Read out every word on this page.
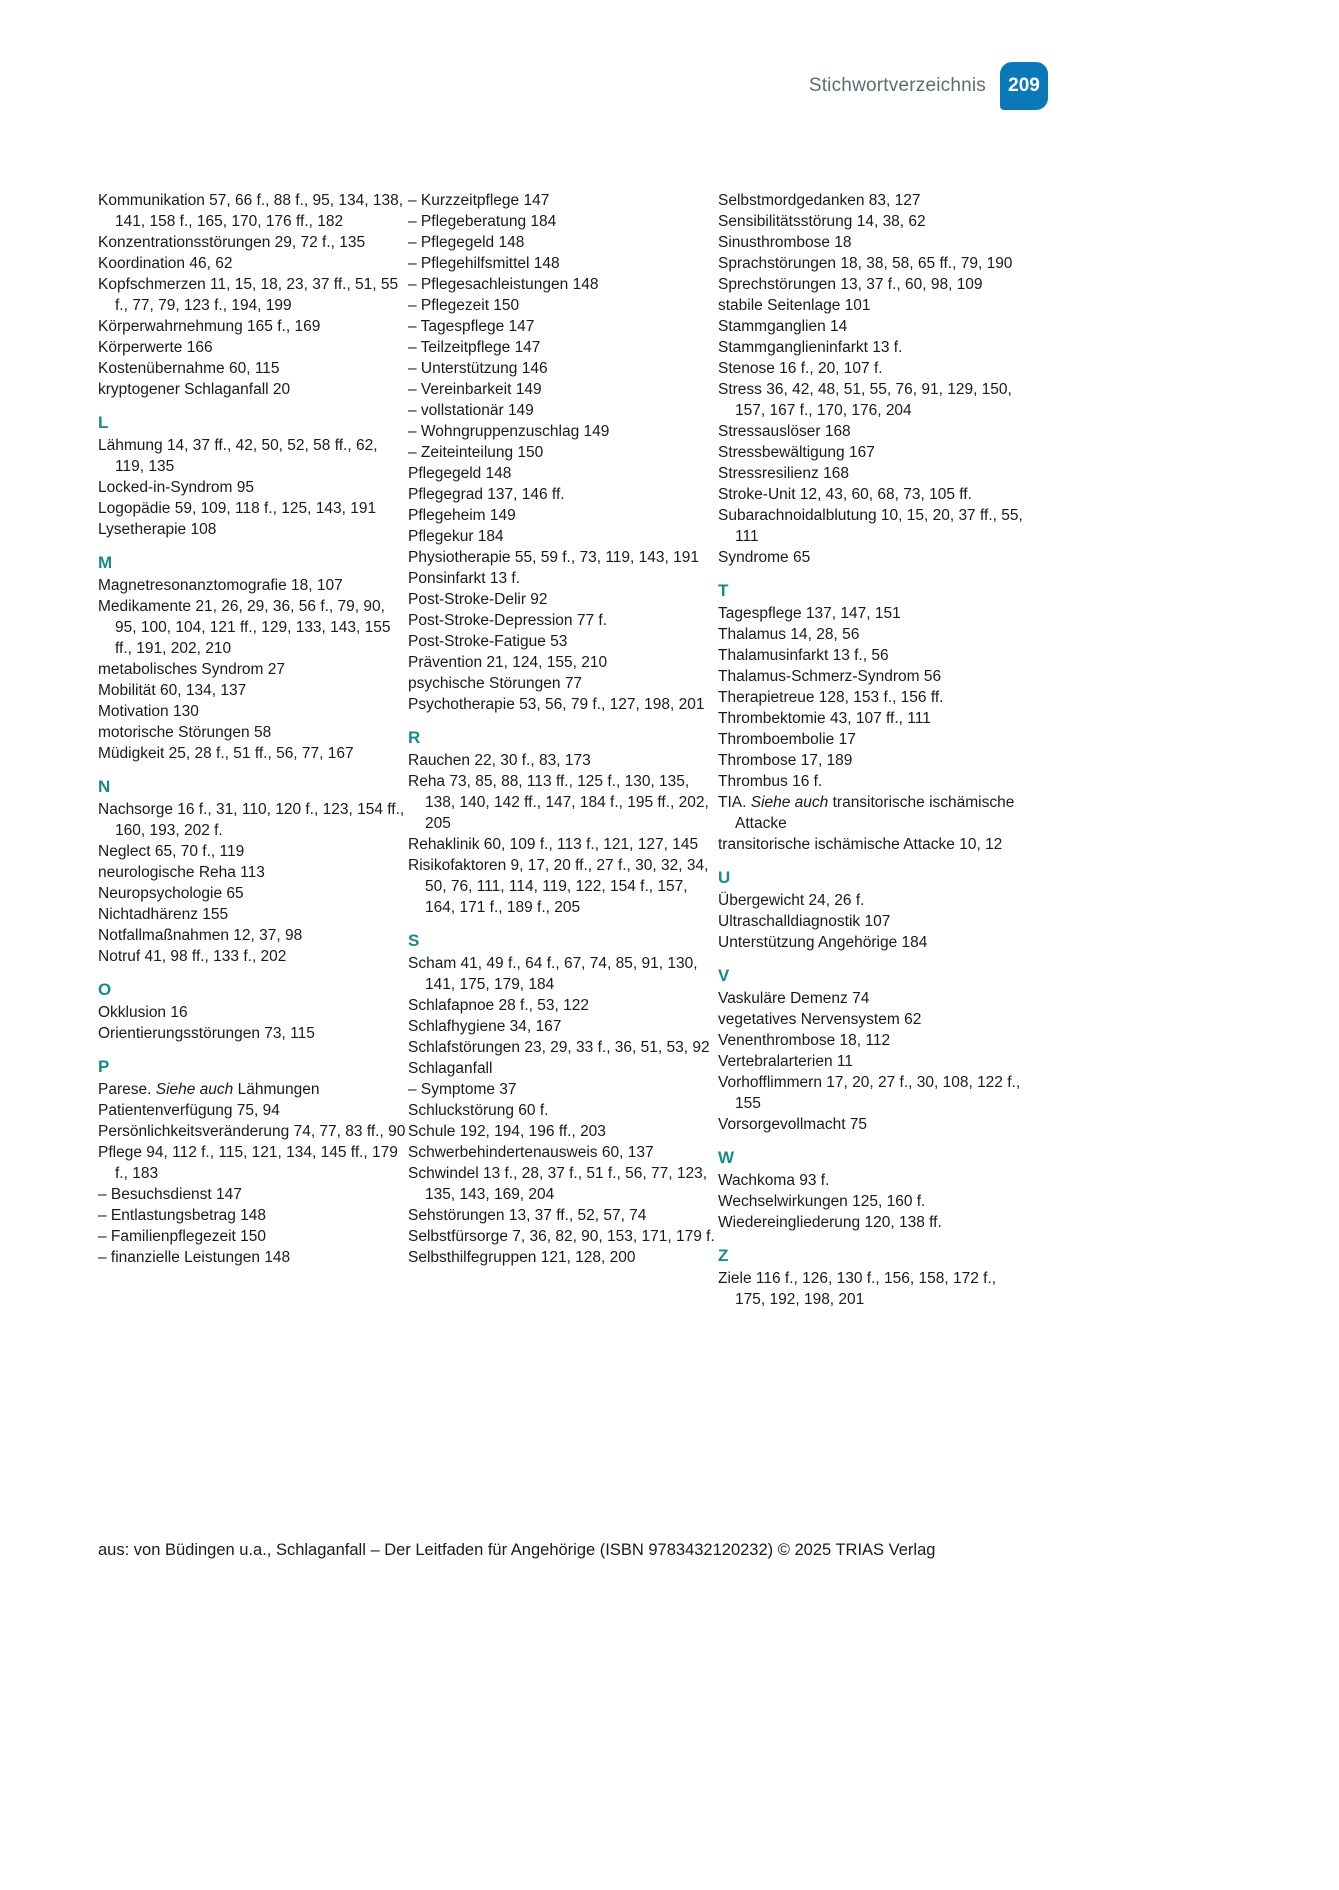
Stichwortverzeichnis	209
Kommunikation 57, 66 f., 88 f., 95, 134, 138, 141, 158 f., 165, 170, 176 ff., 182
Konzentrationsstörungen 29, 72 f., 135
Koordination 46, 62
Kopfschmerzen 11, 15, 18, 23, 37 ff., 51, 55 f., 77, 79, 123 f., 194, 199
Körperwahrnehmung 165 f., 169
Körperwerte 166
Kostenübernahme 60, 115
kryptogener Schlaganfall 20
L
Lähmung 14, 37 ff., 42, 50, 52, 58 ff., 62, 119, 135
Locked-in-Syndrom 95
Logopädie 59, 109, 118 f., 125, 143, 191
Lysetherapie 108
M
Magnetresonanztomografie 18, 107
Medikamente 21, 26, 29, 36, 56 f., 79, 90, 95, 100, 104, 121 ff., 129, 133, 143, 155 ff., 191, 202, 210
metabolisches Syndrom 27
Mobilität 60, 134, 137
Motivation 130
motorische Störungen 58
Müdigkeit 25, 28 f., 51 ff., 56, 77, 167
N
Nachsorge 16 f., 31, 110, 120 f., 123, 154 ff., 160, 193, 202 f.
Neglect 65, 70 f., 119
neurologische Reha 113
Neuropsychologie 65
Nichtadhärenz 155
Notfallmaßnahmen 12, 37, 98
Notruf 41, 98 ff., 133 f., 202
O
Okklusion 16
Orientierungsstörungen 73, 115
P
Parese. Siehe auch Lähmungen
Patientenverfügung 75, 94
Persönlichkeitsveränderung 74, 77, 83 ff., 90
Pflege 94, 112 f., 115, 121, 134, 145 ff., 179 f., 183
– Besuchsdienst 147
– Entlastungsbetrag 148
– Familienpflegezeit 150
– finanzielle Leistungen 148
– Kurzzeitpflege 147
– Pflegeberatung 184
– Pflegegeld 148
– Pflegehilfsmittel 148
– Pflegesachleistungen 148
– Pflegezeit 150
– Tagespflege 147
– Teilzeitpflege 147
– Unterstützung 146
– Vereinbarkeit 149
– vollstationär 149
– Wohngruppenzuschlag 149
– Zeiteinteilung 150
Pflegegeld 148
Pflegegrad 137, 146 ff.
Pflegeheim 149
Pflegekur 184
Physiotherapie 55, 59 f., 73, 119, 143, 191
Ponsinfarkt 13 f.
Post-Stroke-Delir 92
Post-Stroke-Depression 77 f.
Post-Stroke-Fatigue 53
Prävention 21, 124, 155, 210
psychische Störungen 77
Psychotherapie 53, 56, 79 f., 127, 198, 201
R
Rauchen 22, 30 f., 83, 173
Reha 73, 85, 88, 113 ff., 125 f., 130, 135, 138, 140, 142 ff., 147, 184 f., 195 ff., 202, 205
Rehaklinik 60, 109 f., 113 f., 121, 127, 145
Risikofaktoren 9, 17, 20 ff., 27 f., 30, 32, 34, 50, 76, 111, 114, 119, 122, 154 f., 157, 164, 171 f., 189 f., 205
S
Scham 41, 49 f., 64 f., 67, 74, 85, 91, 130, 141, 175, 179, 184
Schlafapnoe 28 f., 53, 122
Schlafhygiene 34, 167
Schlafstörungen 23, 29, 33 f., 36, 51, 53, 92
Schlaganfall
– Symptome 37
Schluckstörung 60 f.
Schule 192, 194, 196 ff., 203
Schwerbehindertenausweis 60, 137
Schwindel 13 f., 28, 37 f., 51 f., 56, 77, 123, 135, 143, 169, 204
Sehstörungen 13, 37 ff., 52, 57, 74
Selbstfürsorge 7, 36, 82, 90, 153, 171, 179 f.
Selbsthilfegruppen 121, 128, 200
Selbstmordgedanken 83, 127
Sensibilitätsstörung 14, 38, 62
Sinusthrombose 18
Sprachstörungen 18, 38, 58, 65 ff., 79, 190
Sprechstörungen 13, 37 f., 60, 98, 109
stabile Seitenlage 101
Stammganglien 14
Stammganglieninfarkt 13 f.
Stenose 16 f., 20, 107 f.
Stress 36, 42, 48, 51, 55, 76, 91, 129, 150, 157, 167 f., 170, 176, 204
Stressauslöser 168
Stressbewältigung 167
Stressresilienz 168
Stroke-Unit 12, 43, 60, 68, 73, 105 ff.
Subarachnoidalblutung 10, 15, 20, 37 ff., 55, 111
Syndrome 65
T
Tagespflege 137, 147, 151
Thalamus 14, 28, 56
Thalamusinfarkt 13 f., 56
Thalamus-Schmerz-Syndrom 56
Therapietreue 128, 153 f., 156 ff.
Thrombektomie 43, 107 ff., 111
Thromboembolie 17
Thrombose 17, 189
Thrombus 16 f.
TIA. Siehe auch transitorische ischämische Attacke
transitorische ischämische Attacke 10, 12
U
Übergewicht 24, 26 f.
Ultraschalldiagnostik 107
Unterstützung Angehörige 184
V
Vaskuläre Demenz 74
vegetatives Nervensystem 62
Venenthrombose 18, 112
Vertebralarterien 11
Vorhofflimmern 17, 20, 27 f., 30, 108, 122 f., 155
Vorsorgevollmacht 75
W
Wachkoma 93 f.
Wechselwirkungen 125, 160 f.
Wiedereingliederung 120, 138 ff.
Z
Ziele 116 f., 126, 130 f., 156, 158, 172 f., 175, 192, 198, 201
aus: von Büdingen u.a., Schlaganfall – Der Leitfaden für Angehörige (ISBN 9783432120232) © 2025 TRIAS Verlag
